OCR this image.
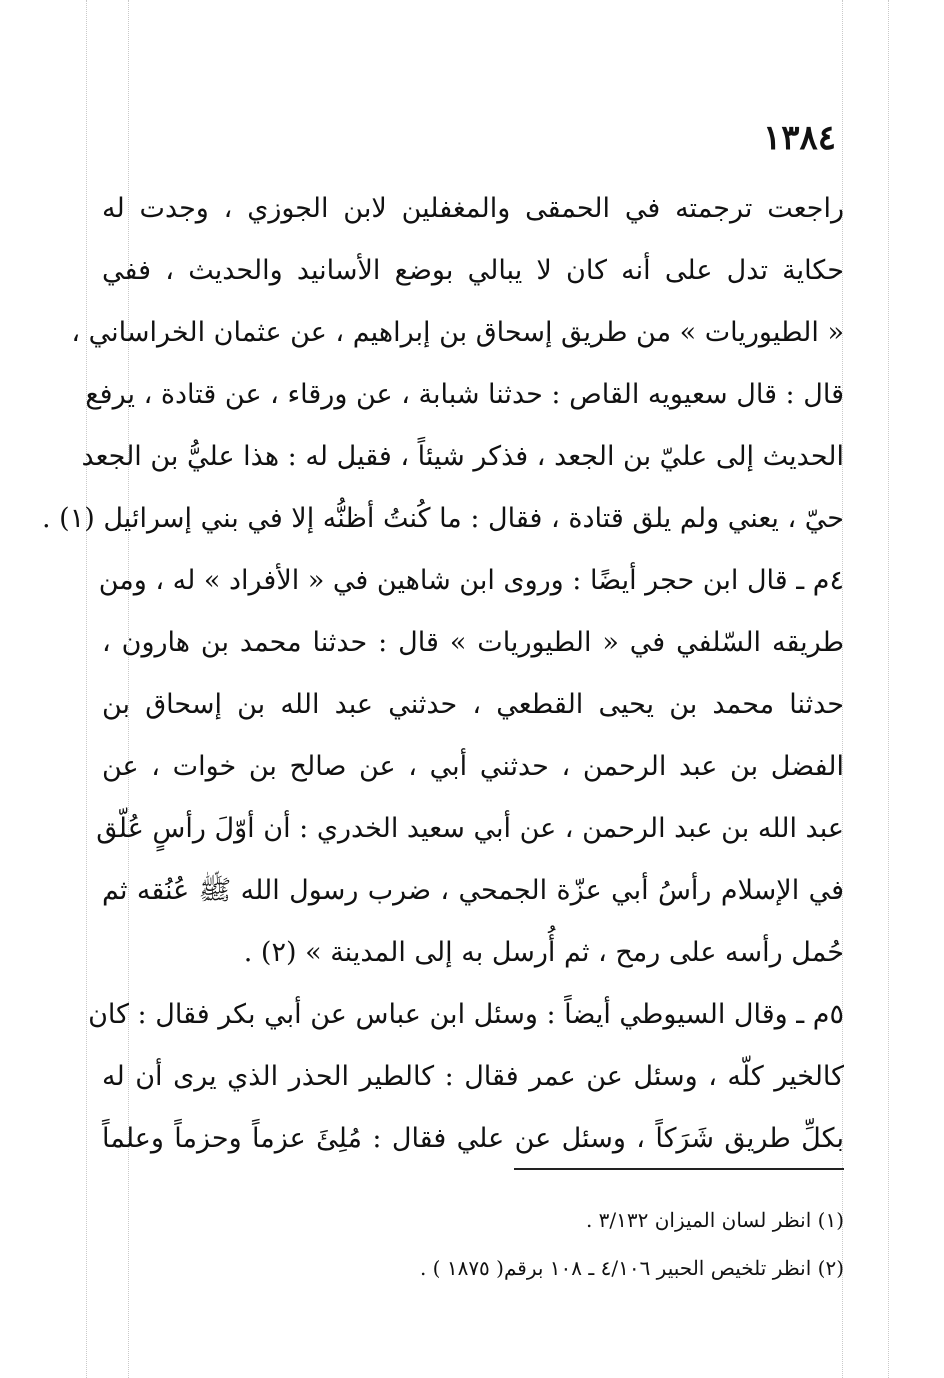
١٣٨٤
راجعت ترجمته في الحمقى والمغفلين لابن الجوزي ، وجدت له
حكاية تدل على أنه كان لا يبالي بوضع الأسانيد والحديث ، ففي
« الطيوريات » من طريق إسحاق بن إبراهيم ، عن عثمان الخراساني ،
قال : قال سعيويه القاص : حدثنا شبابة ، عن ورقاء ، عن قتادة ، يرفع
الحديث إلى عليّ بن الجعد ، فذكر شيئاً ، فقيل له : هذا عليُّ بن الجعد
حيّ ، يعني ولم يلق قتادة ، فقال : ما كُنتُ أظنُّه إلا في بني إسرائيل (١) .
٤م ـ قال ابن حجر أيضًا : وروى ابن شاهين في « الأفراد » له ، ومن
طريقه السّلفي في « الطيوريات » قال : حدثنا محمد بن هارون ،
حدثنا محمد بن يحيى القطعي ، حدثني عبد الله بن إسحاق بن
الفضل بن عبد الرحمن ، حدثني أبي ، عن صالح بن خوات ، عن
عبد الله بن عبد الرحمن ، عن أبي سعيد الخدري : أن أوّلَ رأسٍ عُلّق
في الإسلام رأسُ أبي عزّة الجمحي ، ضرب رسول الله ﷺ عُنُقه ثم
حُمل رأسه على رمح ، ثم أُرسل به إلى المدينة » (٢) .
٥م ـ وقال السيوطي أيضاً : وسئل ابن عباس عن أبي بكر فقال : كان
كالخير كلّه ، وسئل عن عمر فقال : كالطير الحذر الذي يرى أن له
بكلِّ طريق شَرَكاً ، وسئل عن علي فقال : مُلِئَ عزماً وحزماً وعلماً
(١) انظر لسان الميزان ٣/١٣٢ .
(٢) انظر تلخيص الحبير ٤/١٠٦ ـ ١٠٨ برقم( ١٨٧٥ ) .
